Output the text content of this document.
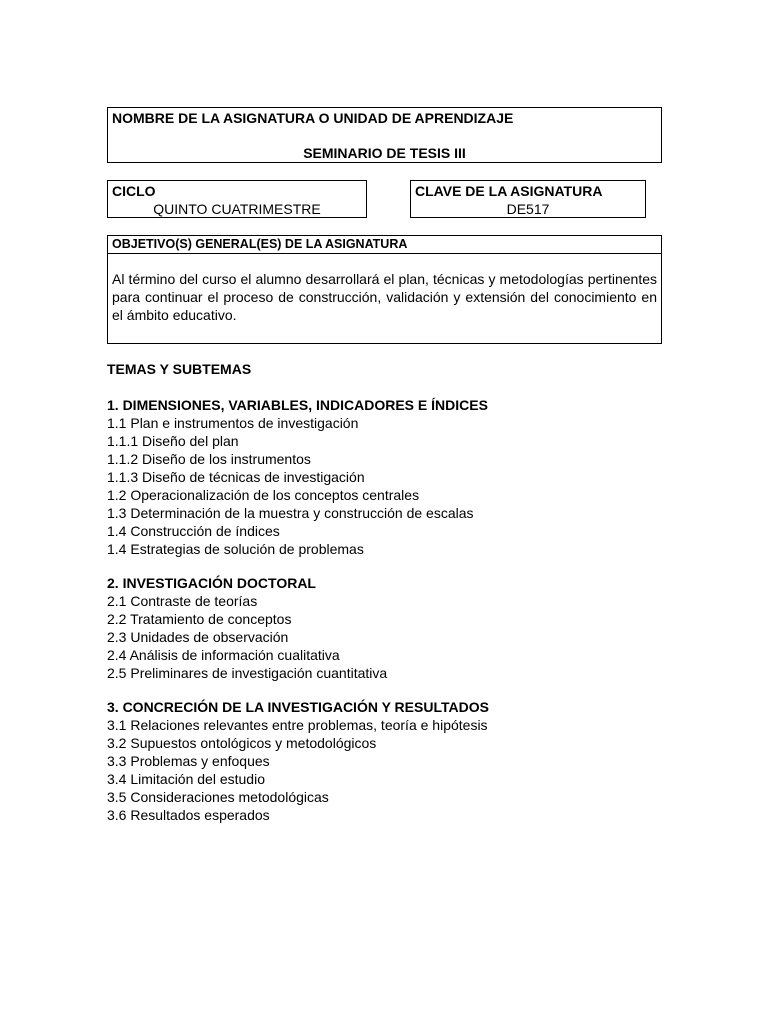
NOMBRE DE LA ASIGNATURA O UNIDAD DE APRENDIZAJE
SEMINARIO DE TESIS III
CICLO
QUINTO CUATRIMESTRE
CLAVE DE LA ASIGNATURA
DE517
OBJETIVO(S) GENERAL(ES) DE LA ASIGNATURA
Al término del curso el alumno desarrollará el plan, técnicas y metodologías pertinentes para continuar el proceso de construcción, validación y extensión del conocimiento en el ámbito educativo.
TEMAS Y SUBTEMAS
1. DIMENSIONES, VARIABLES, INDICADORES E ÍNDICES
1.1 Plan e instrumentos de investigación
1.1.1 Diseño del plan
1.1.2 Diseño de los instrumentos
1.1.3 Diseño de técnicas de investigación
1.2 Operacionalización de los conceptos centrales
1.3 Determinación de la muestra y construcción de escalas
1.4 Construcción de índices
1.4 Estrategias de solución de problemas
2. INVESTIGACIÓN DOCTORAL
2.1 Contraste de teorías
2.2 Tratamiento de conceptos
2.3 Unidades de observación
2.4 Análisis de información cualitativa
2.5 Preliminares de investigación cuantitativa
3. CONCRECIÓN DE LA INVESTIGACIÓN Y RESULTADOS
3.1 Relaciones relevantes entre problemas, teoría e hipótesis
3.2 Supuestos ontológicos y metodológicos
3.3 Problemas y enfoques
3.4 Limitación del estudio
3.5 Consideraciones metodológicas
3.6 Resultados esperados
